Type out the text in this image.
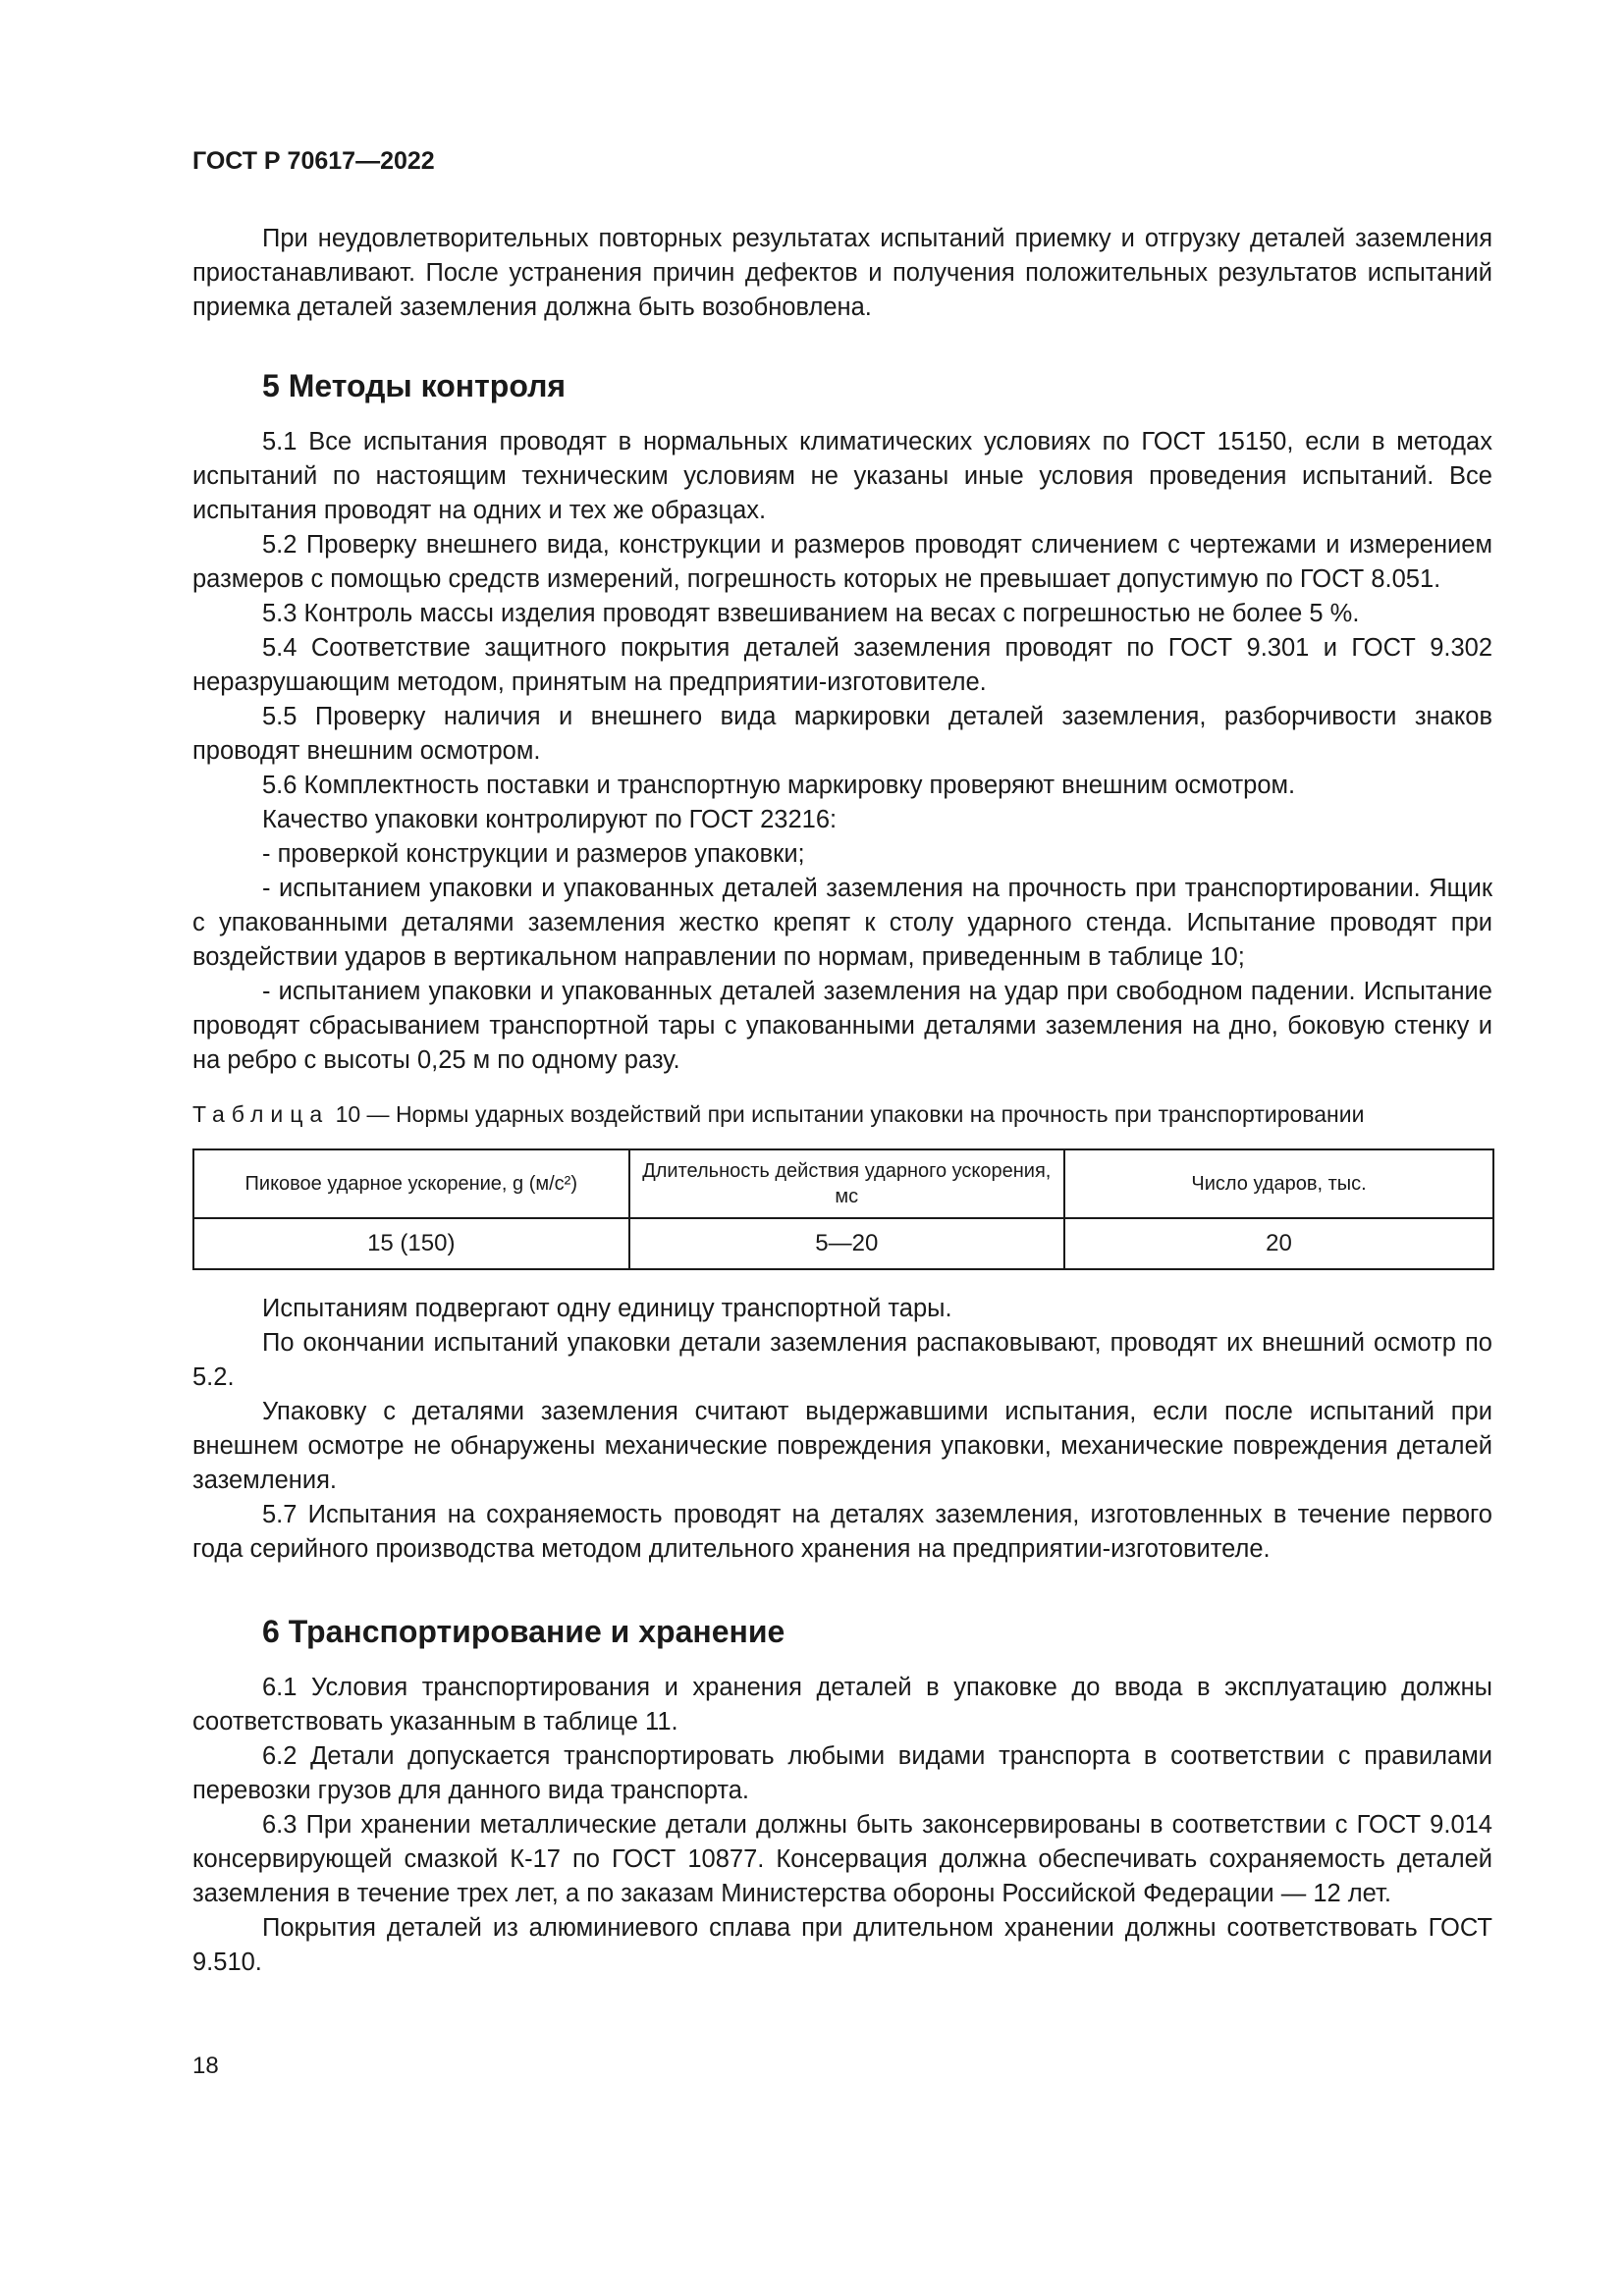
ГОСТ Р 70617—2022

При неудовлетворительных повторных результатах испытаний приемку и отгрузку деталей заземления приостанавливают. После устранения причин дефектов и получения положительных результатов испытаний приемка деталей заземления должна быть возобновлена.

5 Методы контроля

5.1 Все испытания проводят в нормальных климатических условиях по ГОСТ 15150, если в методах испытаний по настоящим техническим условиям не указаны иные условия проведения испытаний. Все испытания проводят на одних и тех же образцах.

5.2 Проверку внешнего вида, конструкции и размеров проводят сличением с чертежами и измерением размеров с помощью средств измерений, погрешность которых не превышает допустимую по ГОСТ 8.051.

5.3 Контроль массы изделия проводят взвешиванием на весах с погрешностью не более 5 %.

5.4 Соответствие защитного покрытия деталей заземления проводят по ГОСТ 9.301 и ГОСТ 9.302 неразрушающим методом, принятым на предприятии-изготовителе.

5.5 Проверку наличия и внешнего вида маркировки деталей заземления, разборчивости знаков проводят внешним осмотром.

5.6 Комплектность поставки и транспортную маркировку проверяют внешним осмотром.

Качество упаковки контролируют по ГОСТ 23216:

- проверкой конструкции и размеров упаковки;

- испытанием упаковки и упакованных деталей заземления на прочность при транспортировании. Ящик с упакованными деталями заземления жестко крепят к столу ударного стенда. Испытание проводят при воздействии ударов в вертикальном направлении по нормам, приведенным в таблице 10;

- испытанием упаковки и упакованных деталей заземления на удар при свободном падении. Испытание проводят сбрасыванием транспортной тары с упакованными деталями заземления на дно, боковую стенку и на ребро с высоты 0,25 м по одному разу.

Таблица 10 — Нормы ударных воздействий при испытании упаковки на прочность при транспортировании
Пиковое ударное ускорение, g (м/с²)	Длительность действия ударного ускорения, мс	Число ударов, тыс.
15 (150)	5—20	20

Испытаниям подвергают одну единицу транспортной тары.

По окончании испытаний упаковки детали заземления распаковывают, проводят их внешний осмотр по 5.2.

Упаковку с деталями заземления считают выдержавшими испытания, если после испытаний при внешнем осмотре не обнаружены механические повреждения упаковки, механические повреждения деталей заземления.

5.7 Испытания на сохраняемость проводят на деталях заземления, изготовленных в течение первого года серийного производства методом длительного хранения на предприятии-изготовителе.

6 Транспортирование и хранение

6.1 Условия транспортирования и хранения деталей в упаковке до ввода в эксплуатацию должны соответствовать указанным в таблице 11.

6.2 Детали допускается транспортировать любыми видами транспорта в соответствии с правилами перевозки грузов для данного вида транспорта.

6.3 При хранении металлические детали должны быть законсервированы в соответствии с ГОСТ 9.014 консервирующей смазкой К-17 по ГОСТ 10877. Консервация должна обеспечивать сохраняемость деталей заземления в течение трех лет, а по заказам Министерства обороны Российской Федерации — 12 лет.

Покрытия деталей из алюминиевого сплава при длительном хранении должны соответствовать ГОСТ 9.510.

18
